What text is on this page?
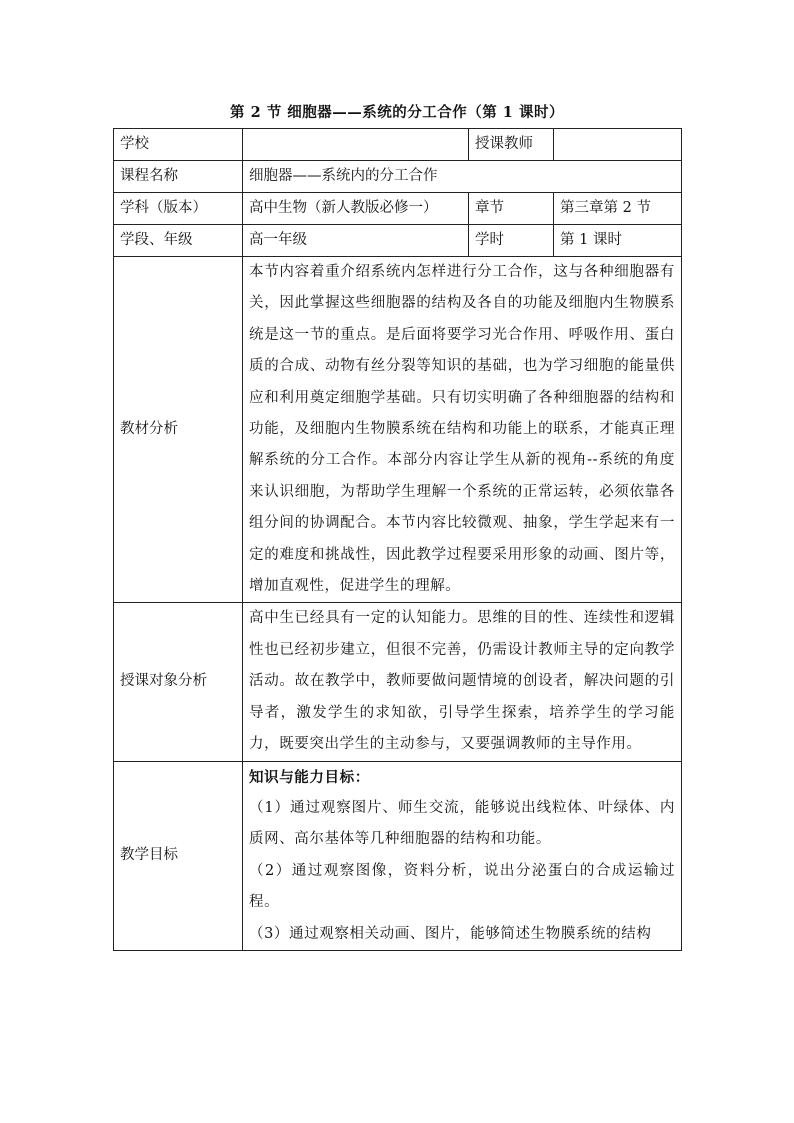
第 2 节 细胞器——系统的分工合作（第 1 课时）
学校		授课教师	
课程名称	细胞器——系统内的分工合作		
学科（版本）	高中生物（新人教版必修一）	章节	第三章第 2 节
学段、年级	高一年级	学时	第 1 课时
教材分析	本节内容着重介绍系统内怎样进行分工合作，这与各种细胞器有关，因此掌握这些细胞器的结构及各自的功能及细胞内生物膜系统是这一节的重点。是后面将要学习光合作用、呼吸作用、蛋白质的合成、动物有丝分裂等知识的基础，也为学习细胞的能量供应和利用奠定细胞学基础。只有切实明确了各种细胞器的结构和功能，及细胞内生物膜系统在结构和功能上的联系，才能真正理解系统的分工合作。本部分内容让学生从新的视角--系统的角度来认识细胞，为帮助学生理解一个系统的正常运转，必须依靠各组分间的协调配合。本节内容比较微观、抽象，学生学起来有一定的难度和挑战性，因此教学过程要采用形象的动画、图片等，增加直观性，促进学生的理解。		

授课对象分析	高中生已经具有一定的认知能力。思维的目的性、连续性和逻辑性也已经初步建立，但很不完善，仍需设计教师主导的定向教学活动。故在教学中，教师要做问题情境的创设者，解决问题的引导者，激发学生的求知欲，引导学生探索，培养学生的学习能力，既要突出学生的主动参与，又要强调教师的主导作用。		

教学目标	知识与能力目标：
（1）通过观察图片、师生交流，能够说出线粒体、叶绿体、内质网、高尔基体等几种细胞器的结构和功能。
（2）通过观察图像，资料分析，说出分泌蛋白的合成运输过程。
（3）通过观察相关动画、图片，能够简述生物膜系统的结构		
